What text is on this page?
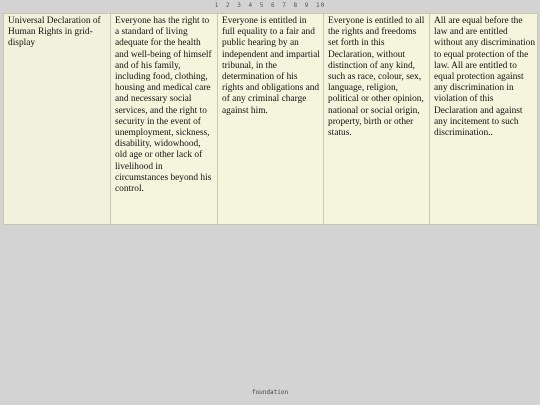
1 2 3 4 5 6 7 8 9 10
Universal Declaration of Human Rights in grid-display
Everyone has the right to a standard of living adequate for the health and well-being of himself and of his family, including food, clothing, housing and medical care and necessary social services, and the right to security in the event of unemployment, sickness, disability, widowhood, old age or other lack of livelihood in circumstances beyond his control.
Everyone is entitled in full equality to a fair and public hearing by an independent and impartial tribunal, in the determination of his rights and obligations and of any criminal charge against him.
Everyone is entitled to all the rights and freedoms set forth in this Declaration, without distinction of any kind, such as race, colour, sex, language, religion, political or other opinion, national or social origin, property, birth or other status.
All are equal before the law and are entitled without any discrimination to equal protection of the law. All are entitled to equal protection against any discrimination in violation of this Declaration and against any incitement to such discrimination..
foundation
